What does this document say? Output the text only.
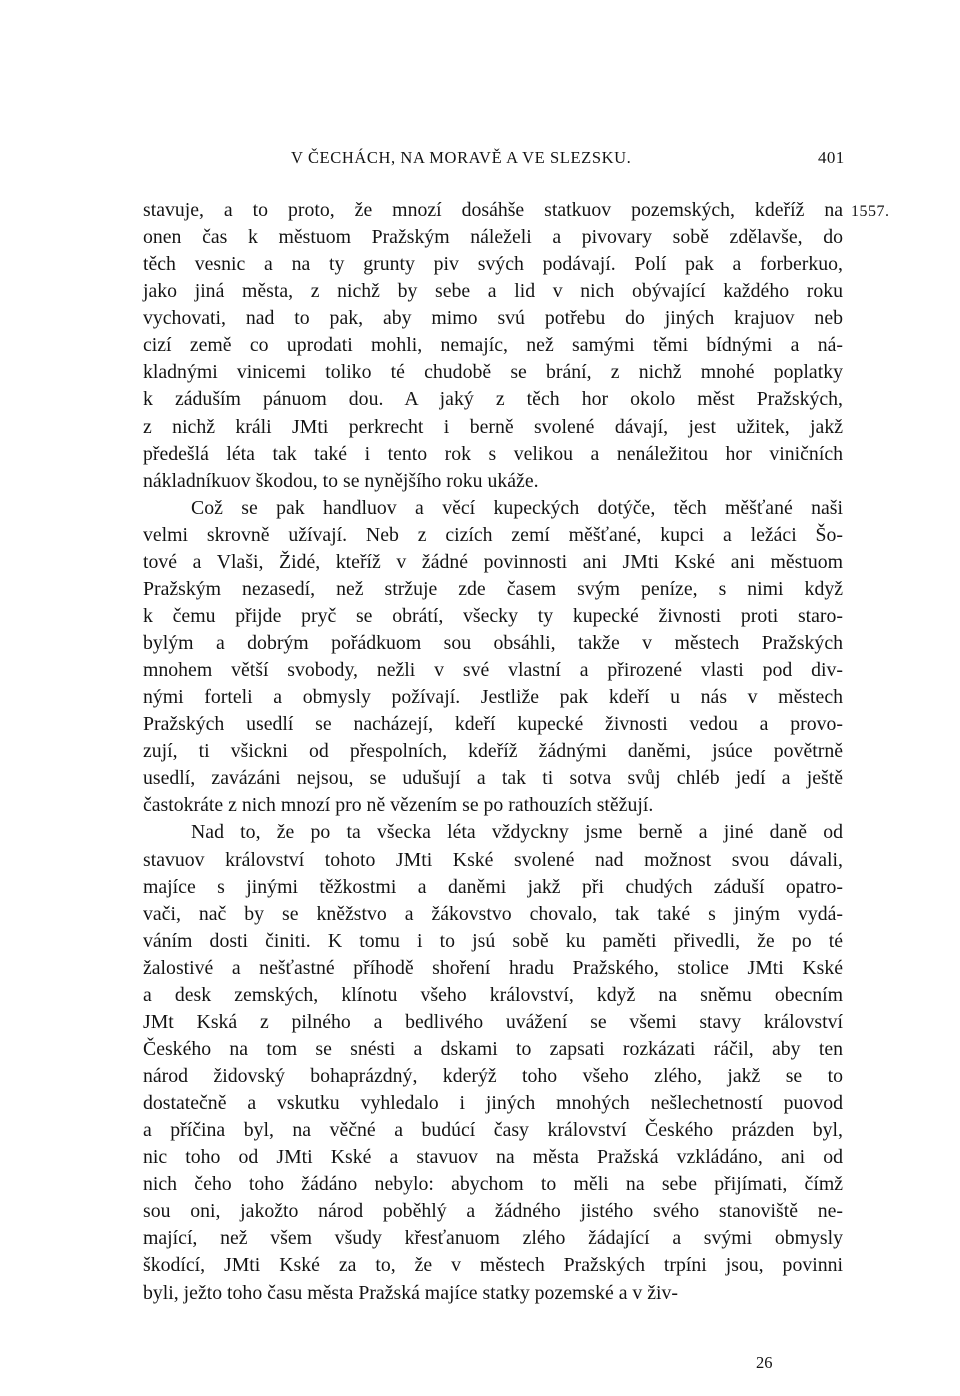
V ČECHÁCH, NA MORAVĚ A VE SLEZSKU.	401
1557.
stavuje, a to proto, že mnozí dosáhše statkuov pozemských, kdeříž na
onen čas k městuom Pražským náleželi a pivovary sobě zdělavše, do
těch vesnic a na ty grunty piv svých podávají. Polí pak a forberkuo,
jako jiná města, z nichž by sebe a lid v nich obývající každého roku
vychovati, nad to pak, aby mimo svú potřebu do jiných krajuov neb
cizí země co uprodati mohli, nemajíc, než samými těmi bídnými a ná-
kladnými vinicemi toliko té chudobě se brání, z nichž mnohé poplatky
k záduším pánuom dou. A jaký z těch hor okolo měst Pražských,
z nichž králi JMti perkrecht i berně svolené dávají, jest užitek, jakž
předešlá léta tak také i tento rok s velikou a nenáležitou hor viničních
nákladníkuov škodou, to se nynějšího roku ukáže.
Což se pak handluov a věcí kupeckých dotýče, těch měšťané naši
velmi skrovně užívají. Neb z cizích zemí měšťané, kupci a ležáci Šo-
tové a Vlaši, Židé, kteříž v žádné povinnosti ani JMti Kské ani městuom
Pražským nezasedí, než stržuje zde časem svým peníze, s nimi když
k čemu přijde pryč se obrátí, všecky ty kupecké živnosti proti staro-
bylým a dobrým pořádkuom sou obsáhli, takže v městech Pražských
mnohem větší svobody, nežli v své vlastní a přirozené vlasti pod div-
nými forteli a obmysly požívají. Jestliže pak kdeří u nás v městech
Pražských usedlí se nacházejí, kdeří kupecké živnosti vedou a provo-
zují, ti všickni od přespolních, kdeříž žádnými daněmi, jsúce povětrně
usedlí, zavázáni nejsou, se udušují a tak ti sotva svůj chléb jedí a ještě
častokráte z nich mnozí pro ně vězením se po rathouzích stěžují.
Nad to, že po ta všecka léta vždyckny jsme berně a jiné daně od
stavuov království tohoto JMti Kské svolené nad možnost svou dávali,
majíce s jinými těžkostmi a daněmi jakž při chudých záduší opatro-
vači, nač by se kněžstvo a žákovstvo chovalo, tak také s jiným vydá-
váním dosti činiti. K tomu i to jsú sobě ku paměti přivedli, že po té
žalostivé a nešťastné příhodě shoření hradu Pražského, stolice JMti Kské
a desk zemských, klínotu všeho království, když na sněmu obecním
JMt Kská z pilného a bedlivého uvážení se všemi stavy království
Českého na tom se snésti a dskami to zapsati rozkázati ráčil, aby ten
národ židovský bohaprázdný, kderýž toho všeho zlého, jakž se to
dostatečně a vskutku vyhledalo i jiných mnohých nešlechetností puovod
a příčina byl, na věčné a budúcí časy království Českého prázden byl,
nic toho od JMti Kské a stavuov na města Pražská vzkládáno, ani od
nich čeho toho žádáno nebylo: abychom to měli na sebe přijímati, čímž
sou oni, jakožto národ poběhlý a žádného jistého svého stanoviště ne-
mající, než všem všudy křesťanuom zlého žádající a svými obmysly
škodící, JMti Kské za to, že v městech Pražských trpíni jsou, povinni
byli, ježto toho času města Pražská majíce statky pozemské a v živ-
26
